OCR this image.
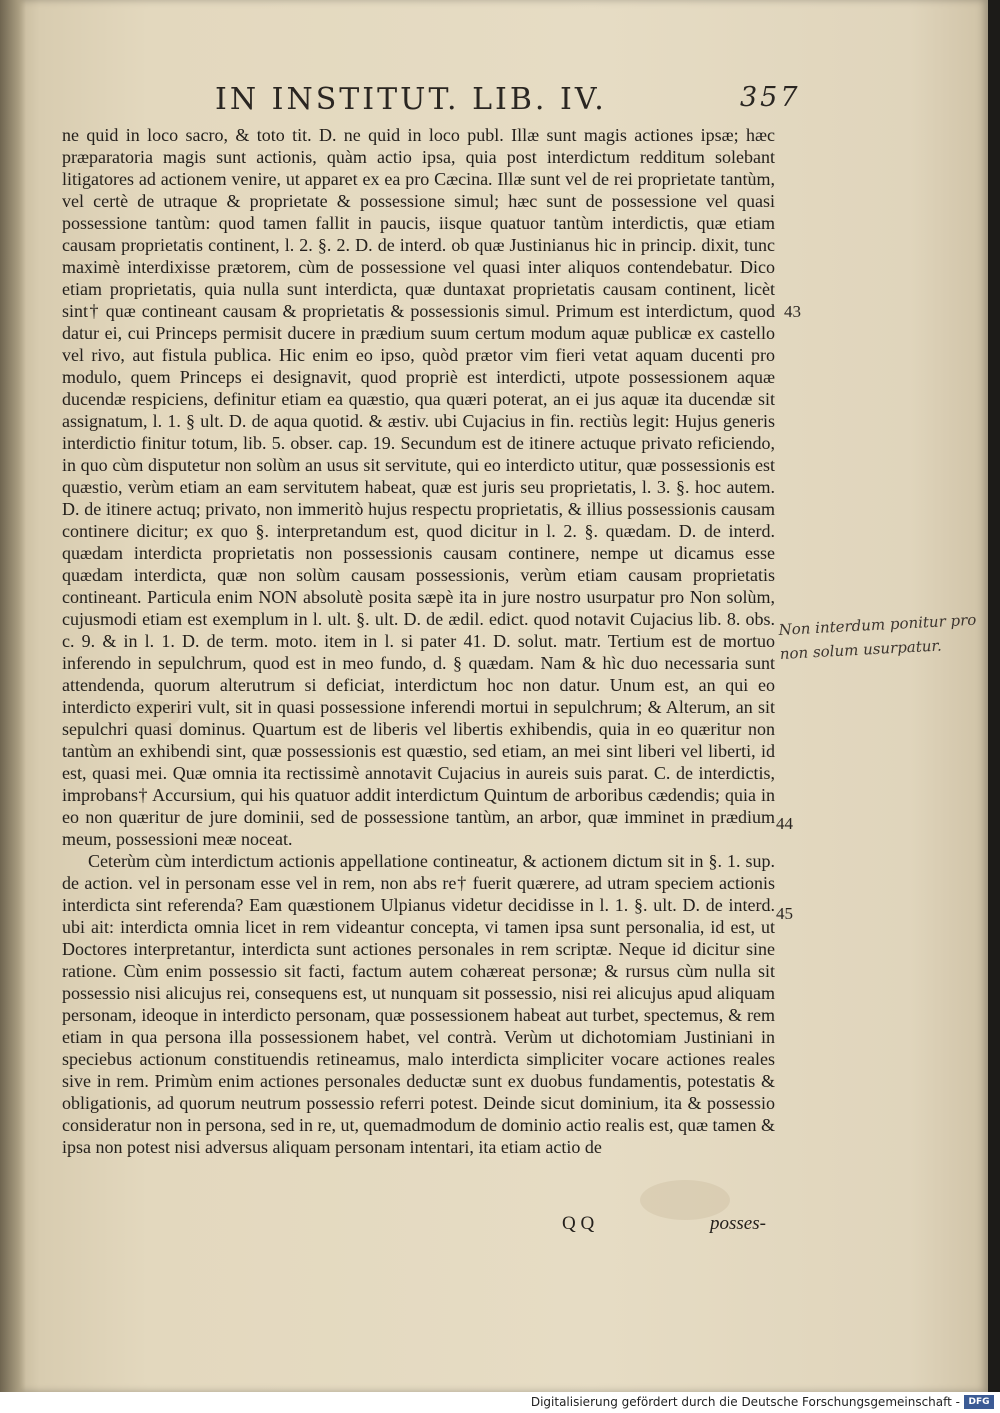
IN INSTITUT. LIB. IV.	357

ne quid in loco sacro, & toto tit. D. ne quid in loco publ. Illæ sunt magis actiones ipsæ; hæc præparatoria magis sunt actionis, quàm actio ipsa, quia post interdictum redditum solebant litigatores ad actionem venire, ut apparet ex ea pro Cæcina. Illæ sunt vel de rei proprietate tantùm, vel certè de utraque & proprietate & possessione simul; hæc sunt de possessione vel quasi possessione tantùm: quod tamen fallit in paucis, iisque quatuor tantùm interdictis, quæ etiam causam proprietatis continent, l. 2. §. 2. D. de interd. ob quæ Justinianus hic in princip. dixit, tunc maximè interdixisse prætorem, cùm de possessione vel quasi inter aliquos contendebatur. Dico etiam proprietatis, quia nulla sunt interdicta, quæ duntaxat proprietatis causam continent, licèt sint† quæ contineant causam & proprietatis & possessionis simul. Primum est interdictum, quod datur ei, cui Princeps permisit ducere in prædium suum certum modum aquæ publicæ ex castello vel rivo, aut fistula publica. Hic enim eo ipso, quòd prætor vim fieri vetat aquam ducenti pro modulo, quem Princeps ei designavit, quod propriè est interdicti, utpote possessionem aquæ ducendæ respiciens, definitur etiam ea quæstio, qua quæri poterat, an ei jus aquæ ita ducendæ sit assignatum, l. 1. § ult. D. de aqua quotid. & æstiv. ubi Cujacius in fin. rectiùs legit: Hujus generis interdictio finitur totum, lib. 5. obser. cap. 19. Secundum est de itinere actuque privato reficiendo, in quo cùm disputetur non solùm an usus sit servitute, qui eo interdicto utitur, quæ possessionis est quæstio, verùm etiam an eam servitutem habeat, quæ est juris seu proprietatis, l. 3. §. hoc autem. D. de itinere actuq; privato, non immeritò hujus respectu proprietatis, & illius possessionis causam continere dicitur; ex quo §. interpretandum est, quod dicitur in l. 2. §. quædam. D. de interd. quædam interdicta proprietatis non possessionis causam continere, nempe ut dicamus esse quædam interdicta, quæ non solùm causam possessionis, verùm etiam causam proprietatis contineant. Particula enim NON absolutè posita sæpè ita in jure nostro usurpatur pro Non solùm, cujusmodi etiam est exemplum in l. ult. §. ult. D. de ædil. edict. quod notavit Cujacius lib. 8. obs. c. 9. & in l. 1. D. de term. moto. item in l. si pater 41. D. solut. matr. Tertium est de mortuo inferendo in sepulchrum, quod est in meo fundo, d. § quædam. Nam & hìc duo necessaria sunt attendenda, quorum alterutrum si deficiat, interdictum hoc non datur. Unum est, an qui eo interdicto experiri vult, sit in quasi possessione inferendi mortui in sepulchrum; & Alterum, an sit sepulchri quasi dominus. Quartum est de liberis vel libertis exhibendis, quia in eo quæritur non tantùm an exhibendi sint, quæ possessionis est quæstio, sed etiam, an mei sint liberi vel liberti, id est, quasi mei. Quæ omnia ita rectissimè annotavit Cujacius in aureis suis parat. C. de interdictis, improbans† Accursium, qui his quatuor addit interdictum Quintum de arboribus cædendis; quia in eo non quæritur de jure dominii, sed de possessione tantùm, an arbor, quæ imminet in prædium meum, possessioni meæ noceat.

Ceterùm cùm interdictum actionis appellatione contineatur, & actionem dictum sit in §. 1. sup. de action. vel in personam esse vel in rem, non abs re† fuerit quærere, ad utram speciem actionis interdicta sint referenda? Eam quæstionem Ulpianus videtur decidisse in l. 1. §. ult. D. de interd. ubi ait: interdicta omnia licet in rem videantur concepta, vi tamen ipsa sunt personalia, id est, ut Doctores interpretantur, interdicta sunt actiones personales in rem scriptæ. Neque id dicitur sine ratione. Cùm enim possessio sit facti, factum autem cohæreat personæ; & rursus cùm nulla sit possessio nisi alicujus rei, consequens est, ut nunquam sit possessio, nisi rei alicujus apud aliquam personam, ideoque in interdicto personam, quæ possessionem habeat aut turbet, spectemus, & rem etiam in qua persona illa possessionem habet, vel contrà. Verùm ut dichotomiam Justiniani in speciebus actionum constituendis retineamus, malo interdicta simpliciter vocare actiones reales sive in rem. Primùm enim actiones personales deductæ sunt ex duobus fundamentis, potestatis & obligationis, ad quorum neutrum possessio referri potest. Deinde sicut dominium, ita & possessio consideratur non in persona, sed in re, ut, quemadmodum de dominio actio realis est, quæ tamen & ipsa non potest nisi adversus aliquam personam intentari, ita etiam actio de

43
44
45
Non interdum ponitur pro non solum usurpatur.
Q Q	posses-
Digitalisierung gefördert durch die Deutsche Forschungsgemeinschaft - DFG
